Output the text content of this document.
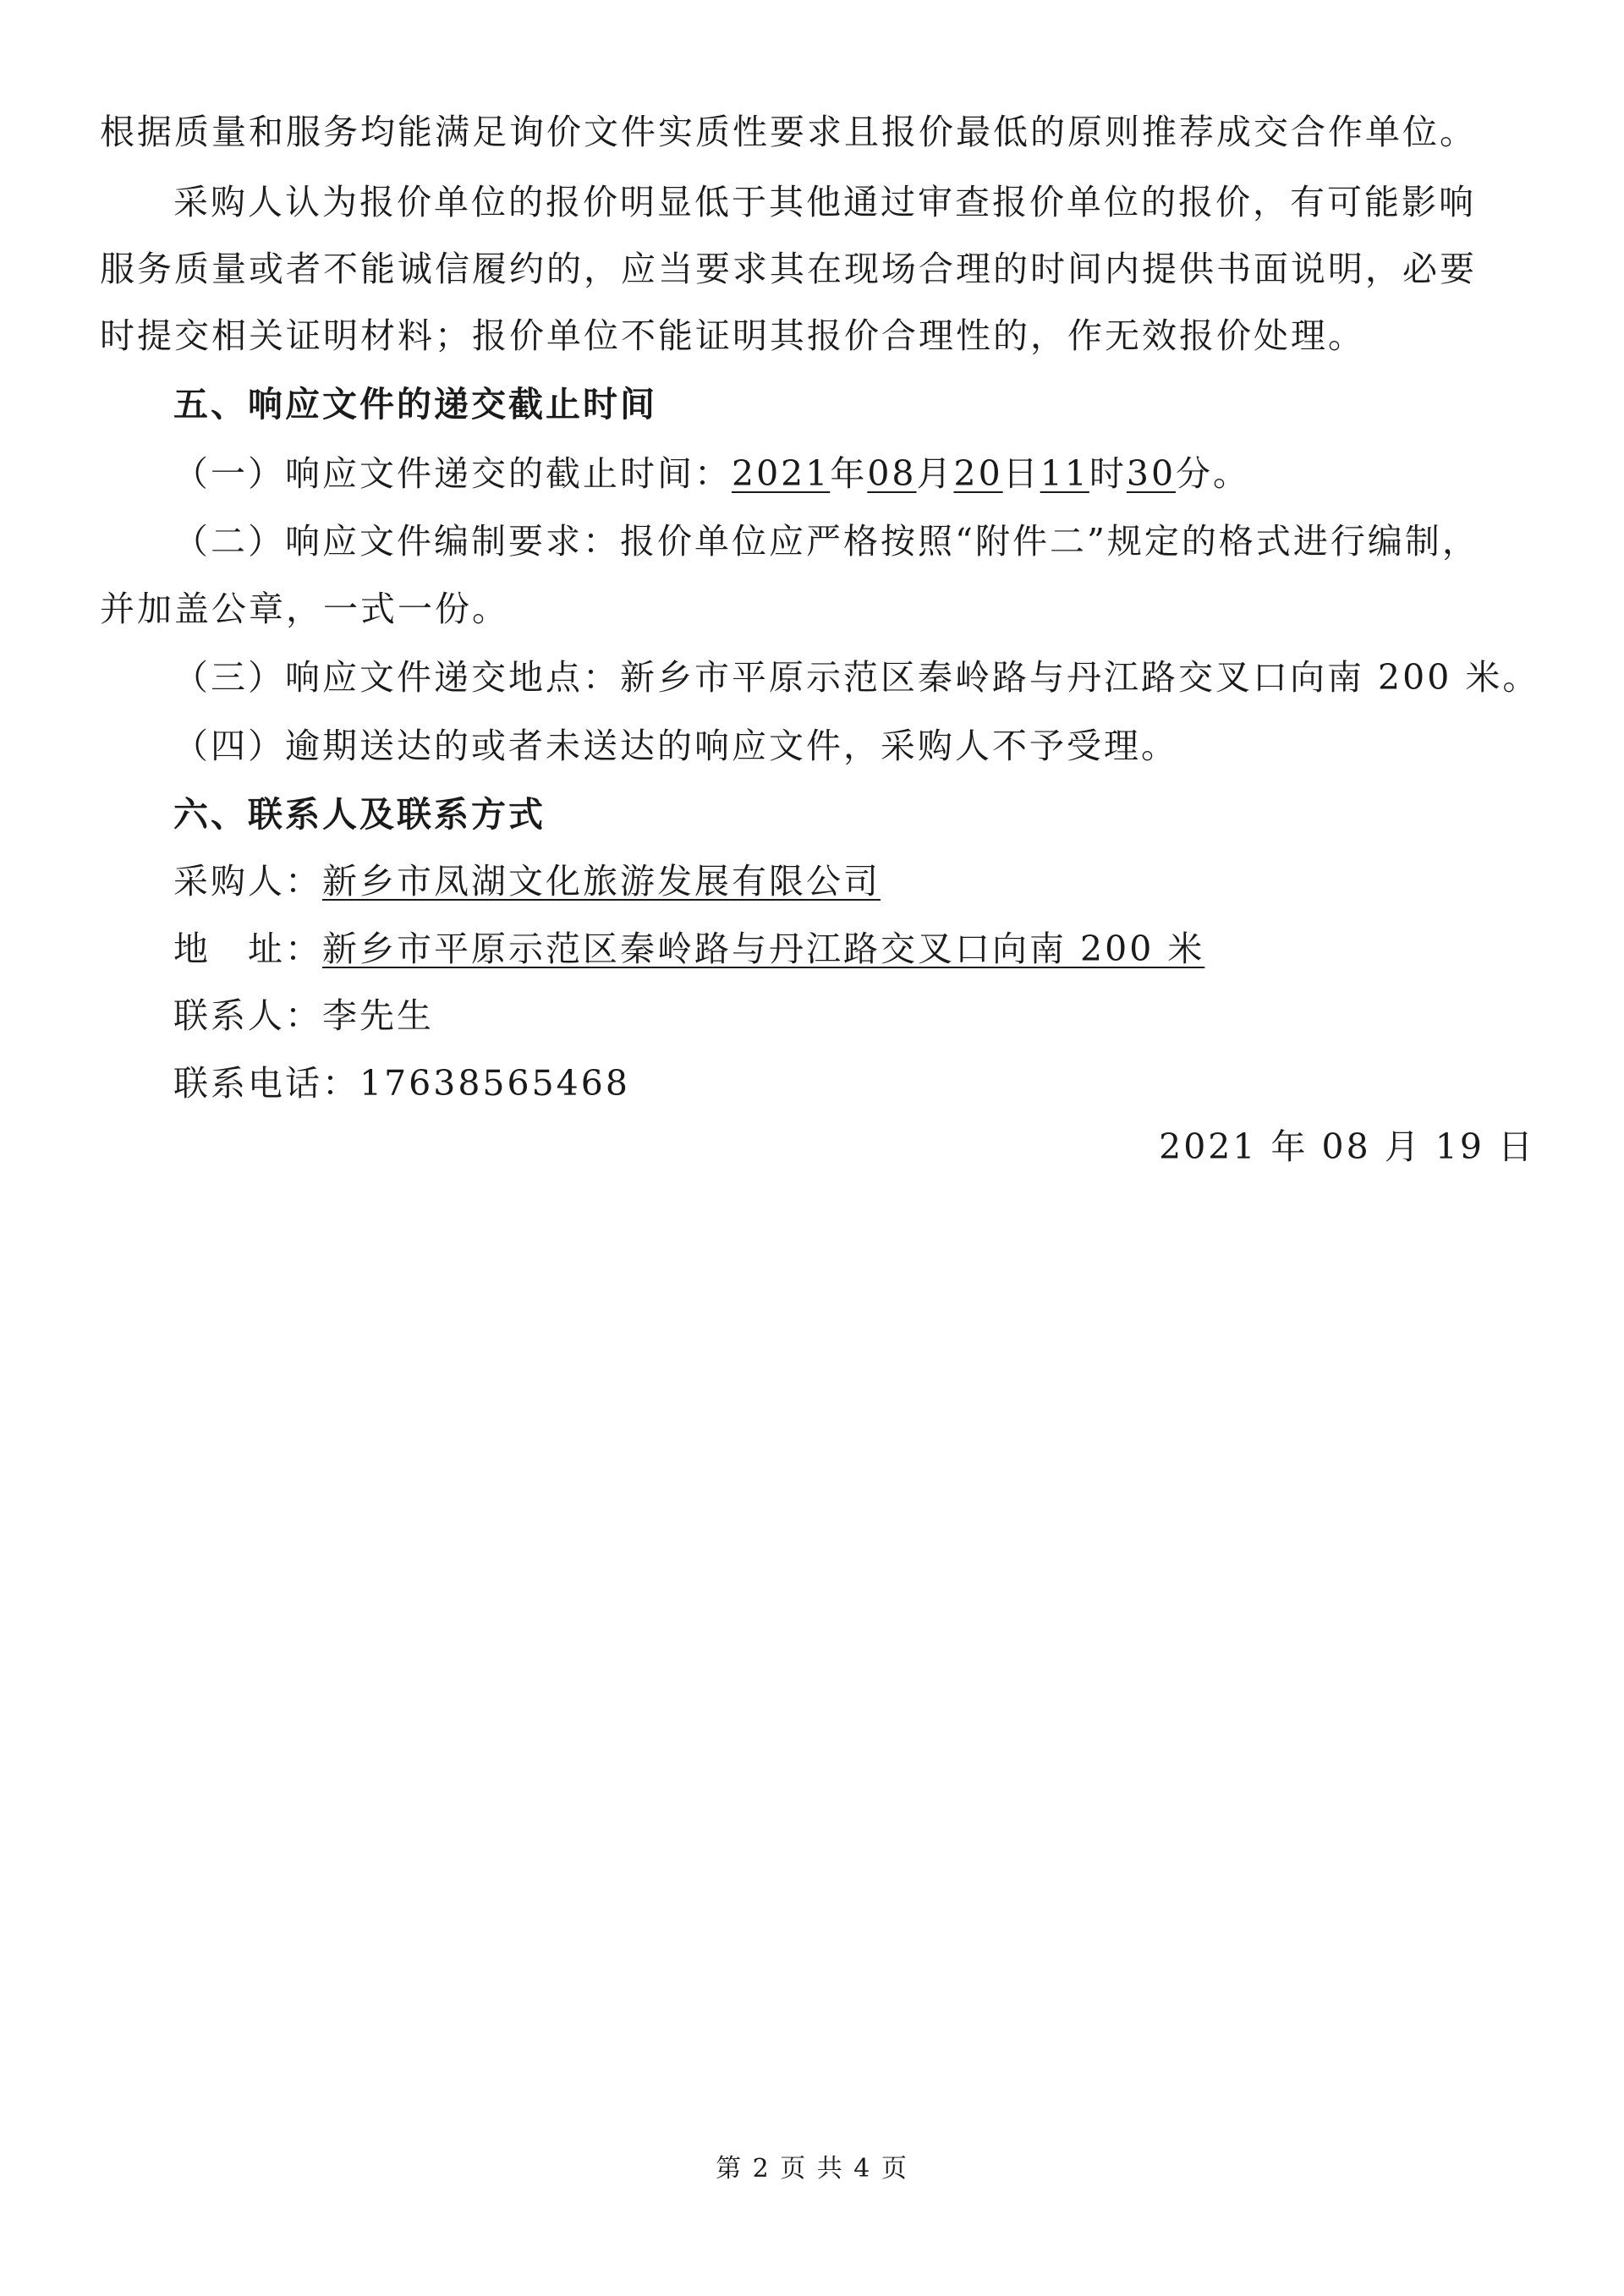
根据质量和服务均能满足询价文件实质性要求且报价最低的原则推荐成交合作单位。
采购人认为报价单位的报价明显低于其他通过审查报价单位的报价，有可能影响
服务质量或者不能诚信履约的，应当要求其在现场合理的时间内提供书面说明，必要
时提交相关证明材料；报价单位不能证明其报价合理性的，作无效报价处理。
五、响应文件的递交截止时间
（一）响应文件递交的截止时间：2021年08月20日11时30分。
（二）响应文件编制要求：报价单位应严格按照“附件二”规定的格式进行编制，
并加盖公章，一式一份。
（三）响应文件递交地点：新乡市平原示范区秦岭路与丹江路交叉口向南 200 米。
（四）逾期送达的或者未送达的响应文件，采购人不予受理。
六、联系人及联系方式
采购人：新乡市凤湖文化旅游发展有限公司
地　址：新乡市平原示范区秦岭路与丹江路交叉口向南 200 米
联系人：李先生
联系电话：17638565468
2021 年 08 月 19 日
第 2 页 共 4 页
